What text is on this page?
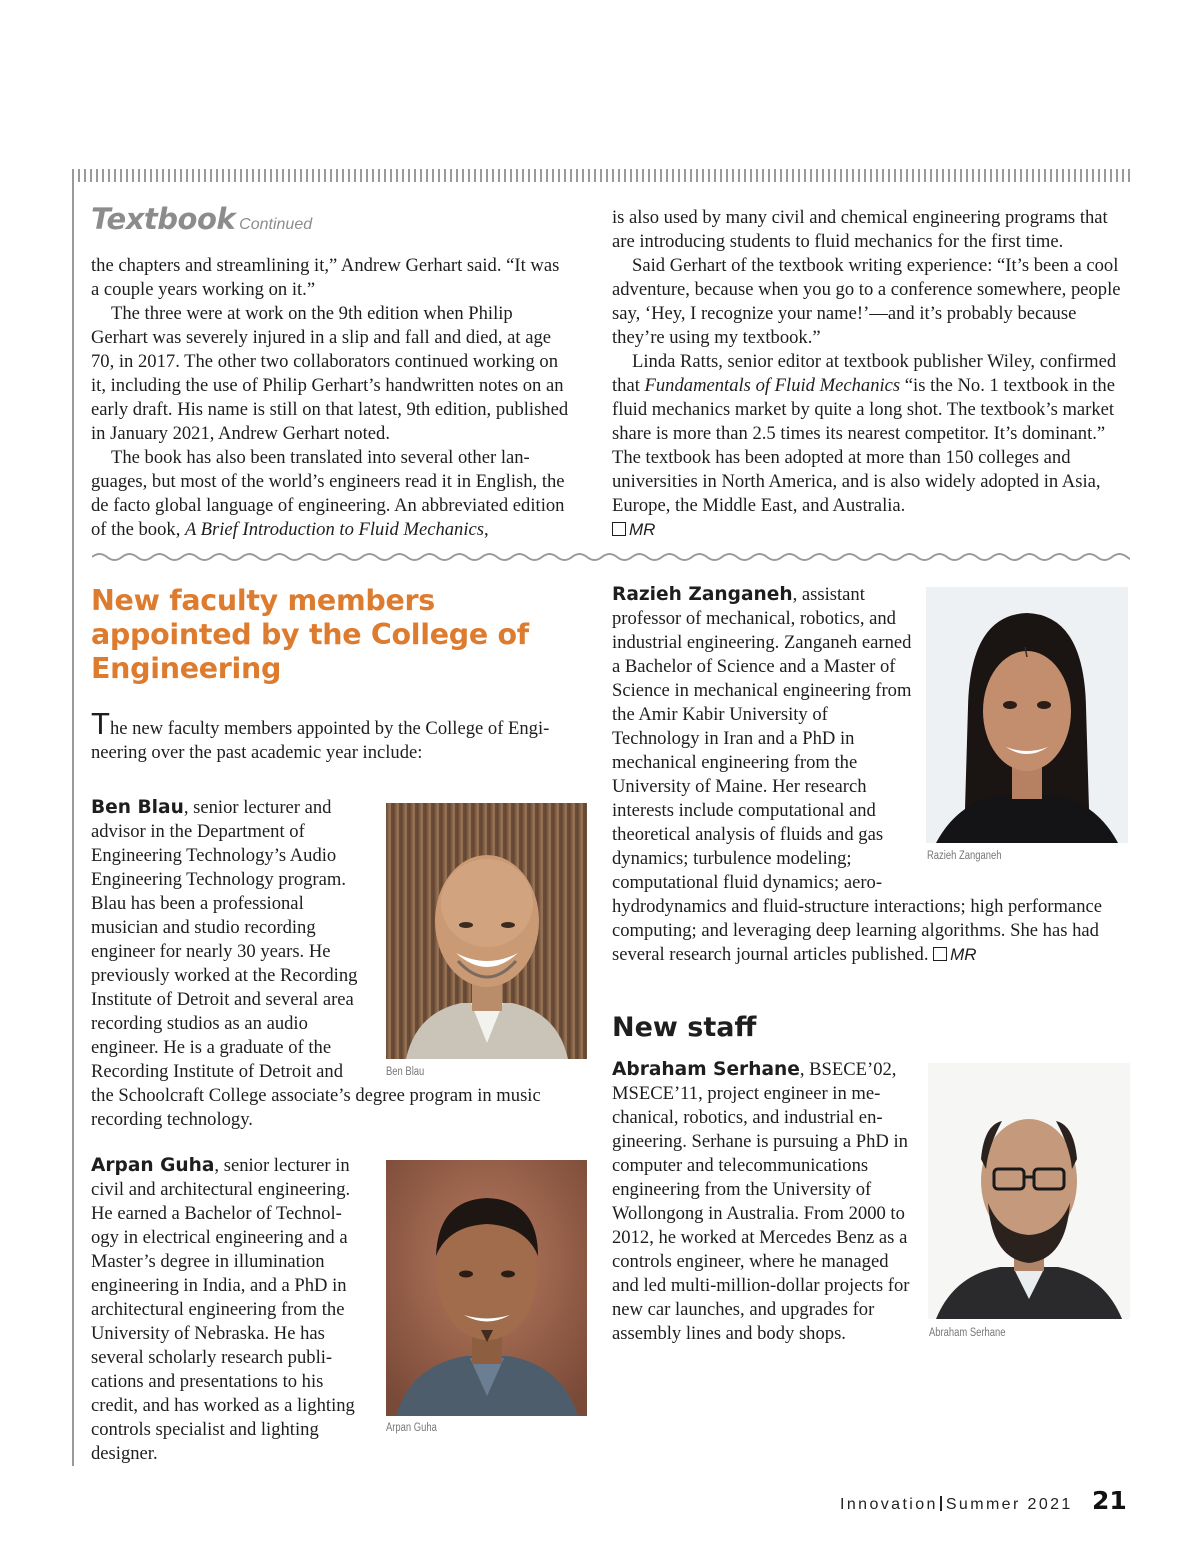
Textbook Continued

the chapters and streamlining it,” Andrew Gerhart said. “It was a couple years working on it.”

The three were at work on the 9th edition when Philip Gerhart was severely injured in a slip and fall and died, at age 70, in 2017. The other two collaborators continued working on it, including the use of Philip Gerhart’s handwritten notes on an early draft. His name is still on that latest, 9th edition, published in January 2021, Andrew Gerhart noted.

The book has also been translated into several other languages, but most of the world’s engineers read it in English, the de facto global language of engineering. An abbreviated edition of the book, A Brief Introduction to Fluid Mechanics,

is also used by many civil and chemical engineering programs that are introducing students to fluid mechanics for the first time.

Said Gerhart of the textbook writing experience: “It’s been a cool adventure, because when you go to a conference somewhere, people say, ‘Hey, I recognize your name!’—and it’s probably because they’re using my textbook.”

Linda Ratts, senior editor at textbook publisher Wiley, confirmed that Fundamentals of Fluid Mechanics “is the No. 1 textbook in the fluid mechanics market by quite a long shot. The textbook’s market share is more than 2.5 times its nearest competitor. It’s dominant.” The textbook has been adopted at more than 150 colleges and universities in North America, and is also widely adopted in Asia, Europe, the Middle East, and Australia.

MR

New faculty members appointed by the College of Engineering

The new faculty members appointed by the College of Engineering over the past academic year include:

Ben Blau

Ben Blau, senior lecturer and advisor in the Department of Engineering Technology’s Audio Engineering Technology program. Blau has been a professional musician and studio recording engineer for nearly 30 years. He previously worked at the Recording Institute of Detroit and several area recording studios as an audio engineer. He is a graduate of the Recording Institute of Detroit and the Schoolcraft College associate’s degree program in music recording technology.

Arpan Guha

Arpan Guha, senior lecturer in civil and architectural engineering. He earned a Bachelor of Technology in electrical engineering and a Master’s degree in illumination engineering in India, and a PhD in architectural engineering from the University of Nebraska. He has several scholarly research publications and presentations to his credit, and has worked as a lighting controls specialist and lighting designer.

Razieh Zanganeh

Razieh Zanganeh, assistant professor of mechanical, robotics, and industrial engineering. Zanganeh earned a Bachelor of Science and a Master of Science in mechanical engineering from the Amir Kabir University of Technology in Iran and a PhD in mechanical engineering from the University of Maine. Her research interests include computational and theoretical analysis of fluids and gas dynamics; turbulence modeling; computational fluid dynamics; aero-hydrodynamics and fluid-structure interactions; high performance computing; and leveraging deep learning algorithms. She has had several research journal articles published. MR

New staff
Abraham Serhane

Abraham Serhane, BSECE’02, MSECE’11, project engineer in mechanical, robotics, and industrial engineering. Serhane is pursuing a PhD in computer and telecommunications engineering from the University of Wollongong in Australia. From 2000 to 2012, he worked at Mercedes Benz as a controls engineer, where he managed and led multi-million-dollar projects for new car launches, and upgrades for assembly lines and body shops.

Innovation Summer 2021 21
